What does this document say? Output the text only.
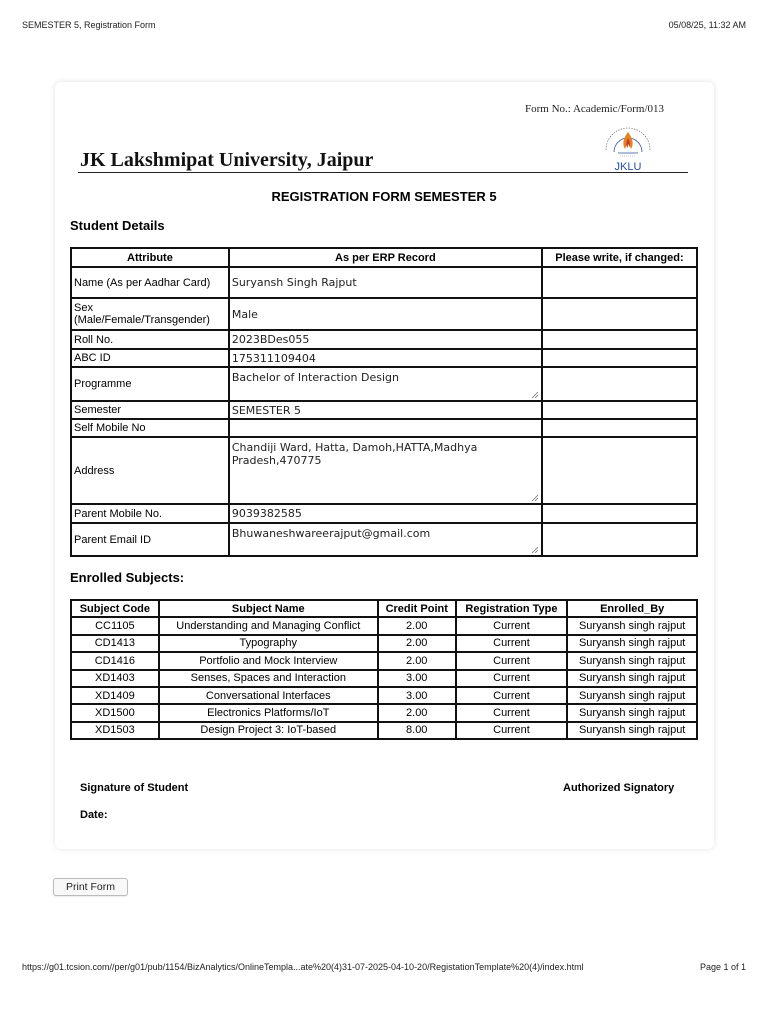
SEMESTER 5, Registration Form	05/08/25, 11:32 AM
Form No.: Academic/Form/013
JK Lakshmipat University, Jaipur	JKLU
REGISTRATION FORM SEMESTER 5
Student Details
Attribute	As per ERP Record	Please write, if changed:
Name (As per Aadhar Card)	Suryansh Singh Rajput	
Sex (Male/Female/Transgender)	Male	
Roll No.	2023BDes055	
ABC ID	175311109404	
Programme	Bachelor of Interaction Design

Semester	SEMESTER 5	
Self Mobile No		
Address	Chandiji Ward, Hatta, Damoh,HATTA,Madhya Pradesh,470775

Parent Mobile No.	9039382585	
Parent Email ID	Bhuwaneshwareerajput@gmail.com

Enrolled Subjects:
Subject Code	Subject Name	Credit Point	Registration Type	Enrolled_By
CC1105	Understanding and Managing Conflict	2.00	Current	Suryansh singh rajput
CD1413	Typography	2.00	Current	Suryansh singh rajput
CD1416	Portfolio and Mock Interview	2.00	Current	Suryansh singh rajput
XD1403	Senses, Spaces and Interaction	3.00	Current	Suryansh singh rajput
XD1409	Conversational Interfaces	3.00	Current	Suryansh singh rajput
XD1500	Electronics Platforms/IoT	2.00	Current	Suryansh singh rajput
XD1503	Design Project 3: IoT-based	8.00	Current	Suryansh singh rajput
Signature of Student	Authorized Signatory
Date:
Print Form
https://g01.tcsion.com//per/g01/pub/1154/BizAnalytics/OnlineTempla...ate%20(4)31-07-2025-04-10-20/RegistationTemplate%20(4)/index.html	Page 1 of 1
